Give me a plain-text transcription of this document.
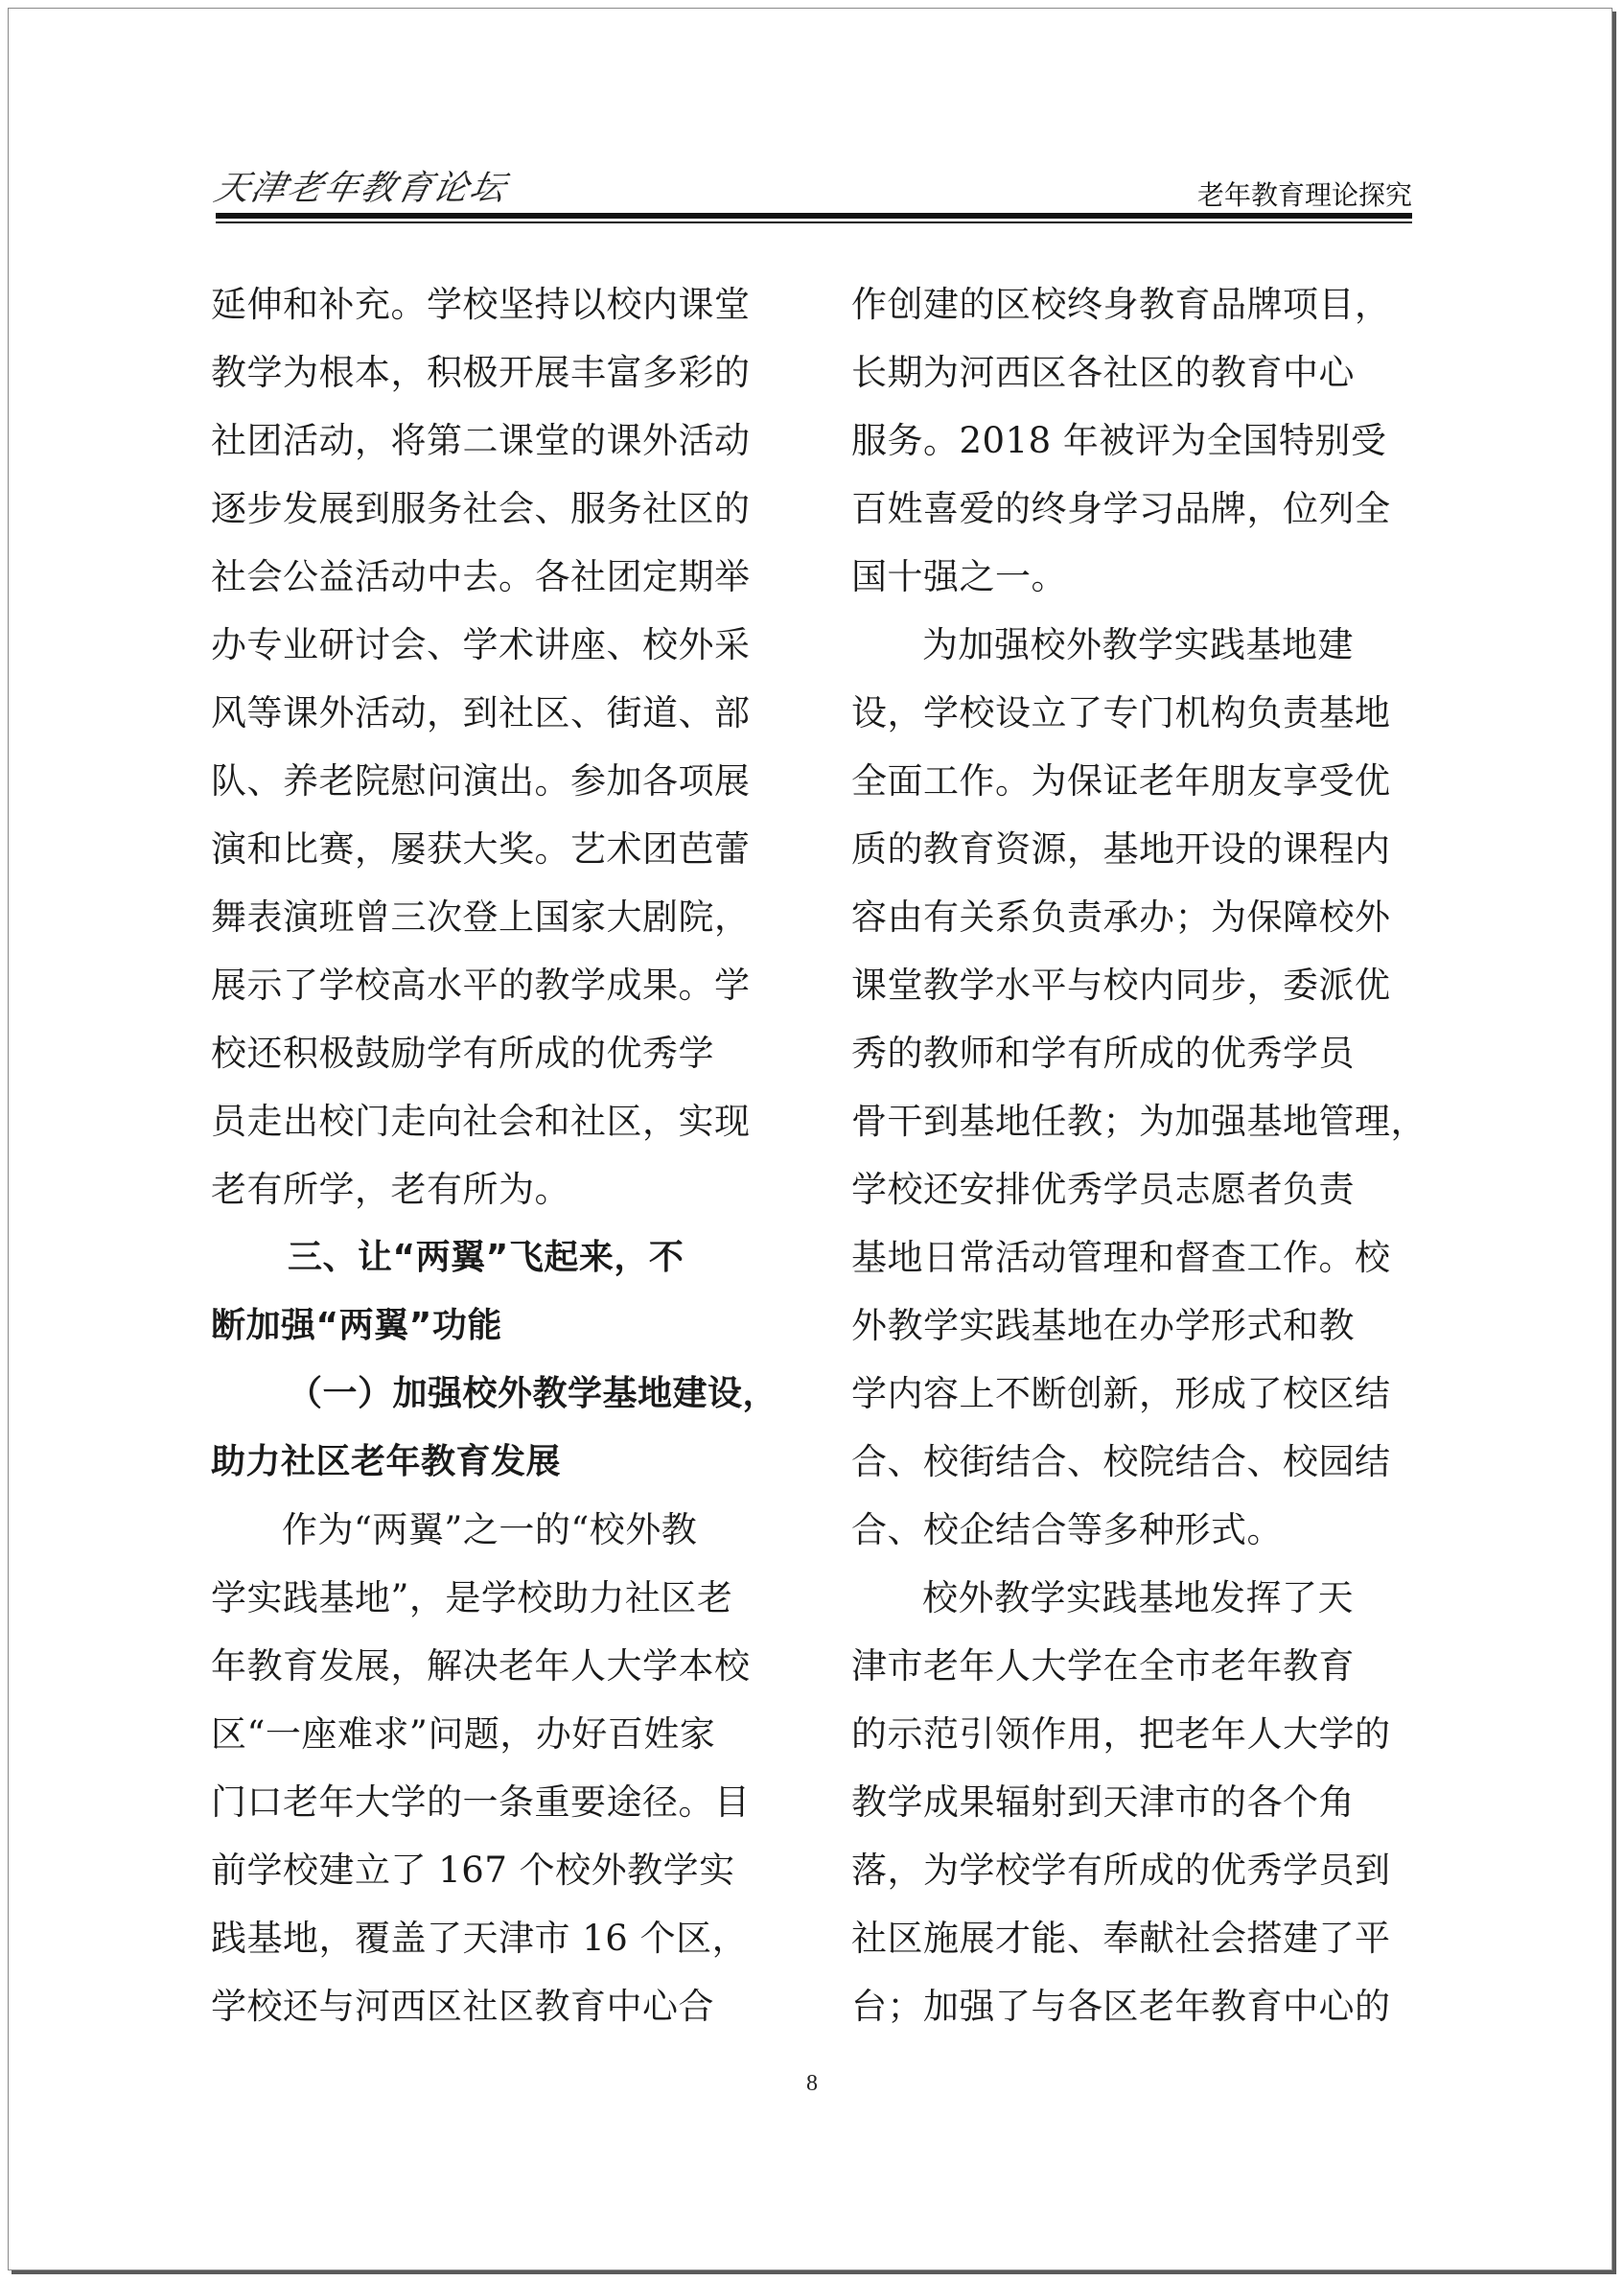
天津老年教育论坛	老年教育理论探究
延伸和补充。学校坚持以校内课堂
教学为根本，积极开展丰富多彩的
社团活动，将第二课堂的课外活动
逐步发展到服务社会、服务社区的
社会公益活动中去。各社团定期举
办专业研讨会、学术讲座、校外采
风等课外活动，到社区、街道、部
队、养老院慰问演出。参加各项展
演和比赛，屡获大奖。艺术团芭蕾
舞表演班曾三次登上国家大剧院，
展示了学校高水平的教学成果。学
校还积极鼓励学有所成的优秀学
员走出校门走向社会和社区，实现
老有所学，老有所为。
三、让“两翼”飞起来，不
断加强“两翼”功能
（一）加强校外教学基地建设，
助力社区老年教育发展
作为“两翼”之一的“校外教
学实践基地”，是学校助力社区老
年教育发展，解决老年人大学本校
区“一座难求”问题，办好百姓家
门口老年大学的一条重要途径。目
前学校建立了 167 个校外教学实
践基地，覆盖了天津市 16 个区，
学校还与河西区社区教育中心合
作创建的区校终身教育品牌项目，
长期为河西区各社区的教育中心
服务。2018 年被评为全国特别受
百姓喜爱的终身学习品牌，位列全
国十强之一。
为加强校外教学实践基地建
设，学校设立了专门机构负责基地
全面工作。为保证老年朋友享受优
质的教育资源，基地开设的课程内
容由有关系负责承办；为保障校外
课堂教学水平与校内同步，委派优
秀的教师和学有所成的优秀学员
骨干到基地任教；为加强基地管理，
学校还安排优秀学员志愿者负责
基地日常活动管理和督查工作。校
外教学实践基地在办学形式和教
学内容上不断创新，形成了校区结
合、校街结合、校院结合、校园结
合、校企结合等多种形式。
校外教学实践基地发挥了天
津市老年人大学在全市老年教育
的示范引领作用，把老年人大学的
教学成果辐射到天津市的各个角
落，为学校学有所成的优秀学员到
社区施展才能、奉献社会搭建了平
台；加强了与各区老年教育中心的
8
